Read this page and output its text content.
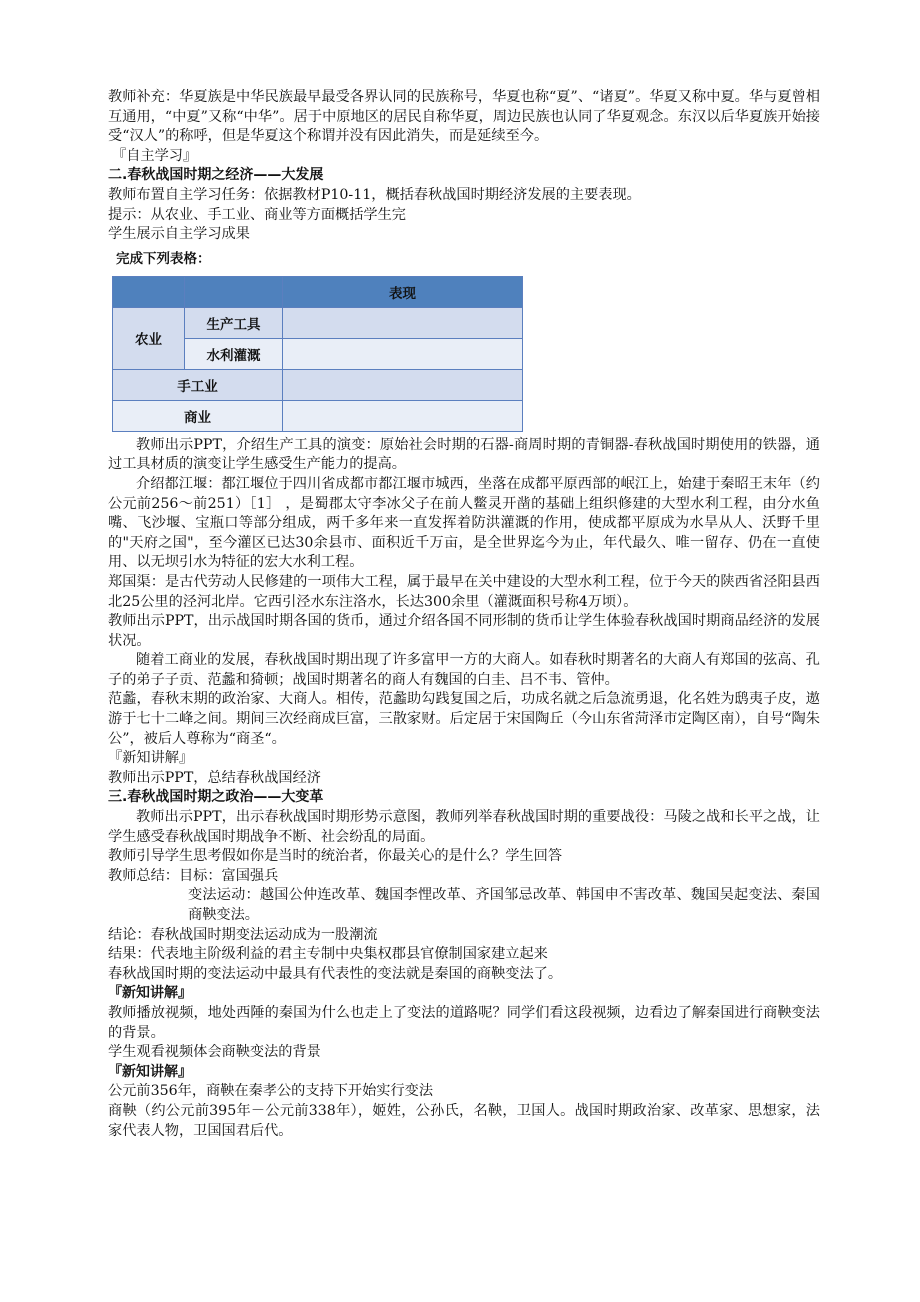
教师补充：华夏族是中华民族最早最受各界认同的民族称号，华夏也称“夏”、“诸夏”。华夏又称中夏。华与夏曾相互通用，“中夏”又称“中华”。居于中原地区的居民自称华夏，周边民族也认同了华夏观念。东汉以后华夏族开始接受“汉人”的称呼，但是华夏这个称谓并没有因此消失，而是延续至今。

『自主学习』

二.春秋战国时期之经济——大发展

教师布置自主学习任务：依据教材P10-11，概括春秋战国时期经济发展的主要表现。

提示：从农业、手工业、商业等方面概括学生完

学生展示自主学习成果

完成下列表格：

		表现
农业	生产工具	
	水利灌溉	
手工业		
商业		

教师出示PPT，介绍生产工具的演变：原始社会时期的石器-商周时期的青铜器-春秋战国时期使用的铁器，通过工具材质的演变让学生感受生产能力的提高。

介绍都江堰：都江堰位于四川省成都市都江堰市城西，坐落在成都平原西部的岷江上，始建于秦昭王末年（约公元前256～前251）［1］ ，是蜀郡太守李冰父子在前人鳖灵开凿的基础上组织修建的大型水利工程，由分水鱼嘴、飞沙堰、宝瓶口等部分组成，两千多年来一直发挥着防洪灌溉的作用，使成都平原成为水旱从人、沃野千里的"天府之国"，至今灌区已达30余县市、面积近千万亩，是全世界迄今为止，年代最久、唯一留存、仍在一直使用、以无坝引水为特征的宏大水利工程。

郑国渠：是古代劳动人民修建的一项伟大工程，属于最早在关中建设的大型水利工程，位于今天的陕西省泾阳县西北25公里的泾河北岸。它西引泾水东注洛水，长达300余里（灌溉面积号称4万顷）。

教师出示PPT，出示战国时期各国的货币，通过介绍各国不同形制的货币让学生体验春秋战国时期商品经济的发展状况。

随着工商业的发展，春秋战国时期出现了许多富甲一方的大商人。如春秋时期著名的大商人有郑国的弦高、孔子的弟子子贡、范蠡和猗顿；战国时期著名的商人有魏国的白圭、吕不韦、管仲。

范蠡，春秋末期的政治家、大商人。相传，范蠡助勾践复国之后，功成名就之后急流勇退，化名姓为鸱夷子皮，遨游于七十二峰之间。期间三次经商成巨富，三散家财。后定居于宋国陶丘（今山东省菏泽市定陶区南），自号“陶朱公”，被后人尊称为“商圣“。

『新知讲解』

教师出示PPT，总结春秋战国经济

三.春秋战国时期之政治——大变革

教师出示PPT，出示春秋战国时期形势示意图，教师列举春秋战国时期的重要战役：马陵之战和长平之战，让学生感受春秋战国时期战争不断、社会纷乱的局面。

教师引导学生思考假如你是当时的统治者，你最关心的是什么？学生回答

教师总结：目标：富国强兵

变法运动：越国公仲连改革、魏国李悝改革、齐国邹忌改革、韩国申不害改革、魏国吴起变法、秦国商鞅变法。

结论：春秋战国时期变法运动成为一股潮流

结果：代表地主阶级利益的君主专制中央集权郡县官僚制国家建立起来

春秋战国时期的变法运动中最具有代表性的变法就是秦国的商鞅变法了。

『新知讲解』

教师播放视频，地处西陲的秦国为什么也走上了变法的道路呢？同学们看这段视频，边看边了解秦国进行商鞅变法的背景。

学生观看视频体会商鞅变法的背景

『新知讲解』

公元前356年，商鞅在秦孝公的支持下开始实行变法

商鞅（约公元前395年－公元前338年），姬姓，公孙氏，名鞅，卫国人。战国时期政治家、改革家、思想家，法家代表人物，卫国国君后代。
